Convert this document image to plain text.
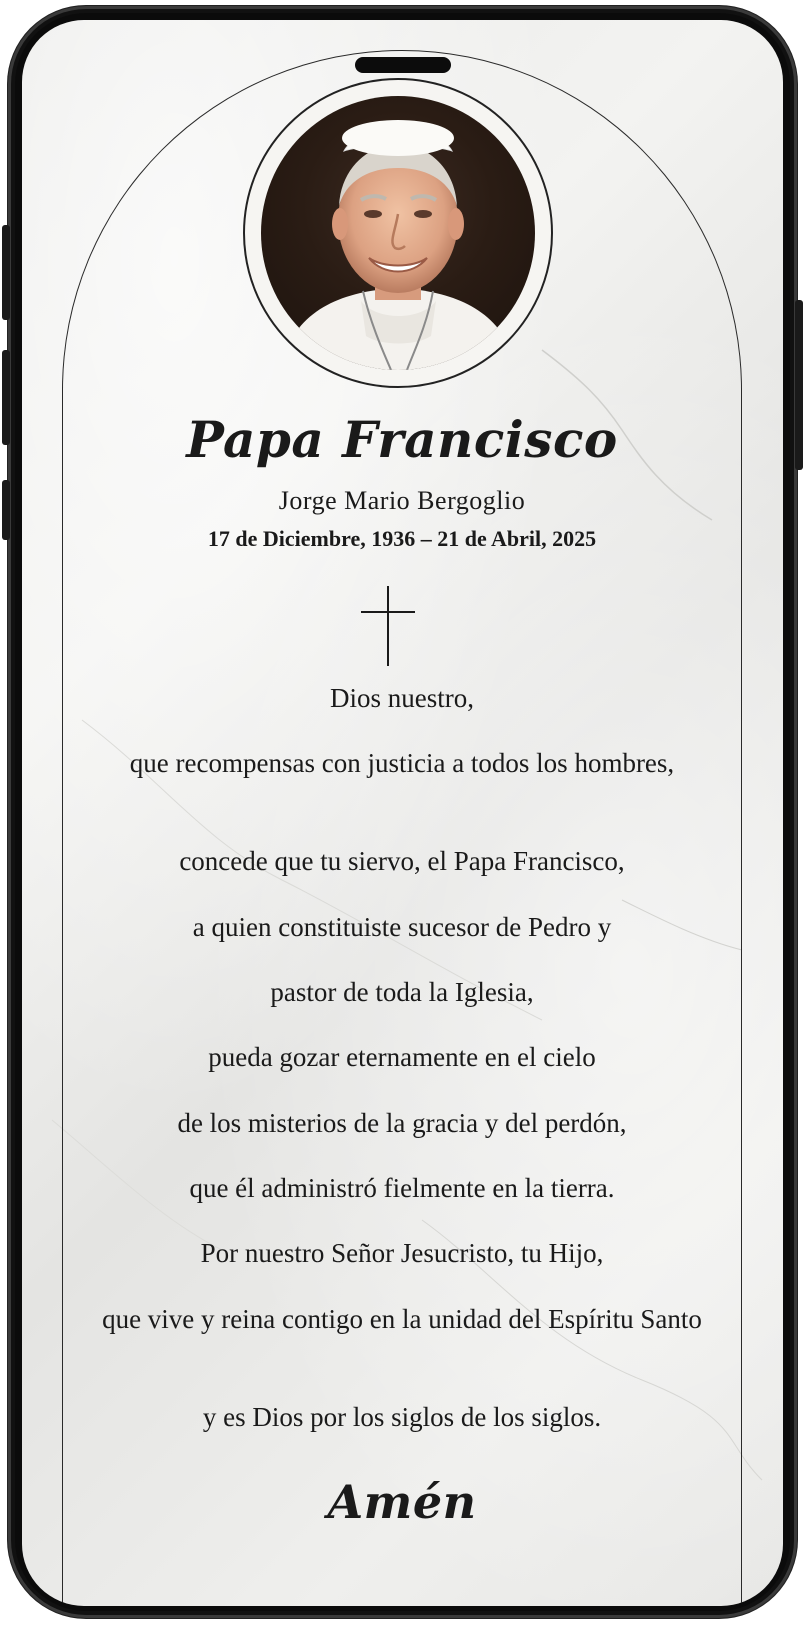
Papa Francisco
Jorge Mario Bergoglio
17 de Diciembre, 1936 – 21 de Abril, 2025
Dios nuestro,
que recompensas con justicia a todos los hombres,
concede que tu siervo, el Papa Francisco,
a quien constituiste sucesor de Pedro y
pastor de toda la Iglesia,
pueda gozar eternamente en el cielo
de los misterios de la gracia y del perdón,
que él administró fielmente en la tierra.
Por nuestro Señor Jesucristo, tu Hijo,
que vive y reina contigo en la unidad del Espíritu Santo
y es Dios por los siglos de los siglos.
Amén
